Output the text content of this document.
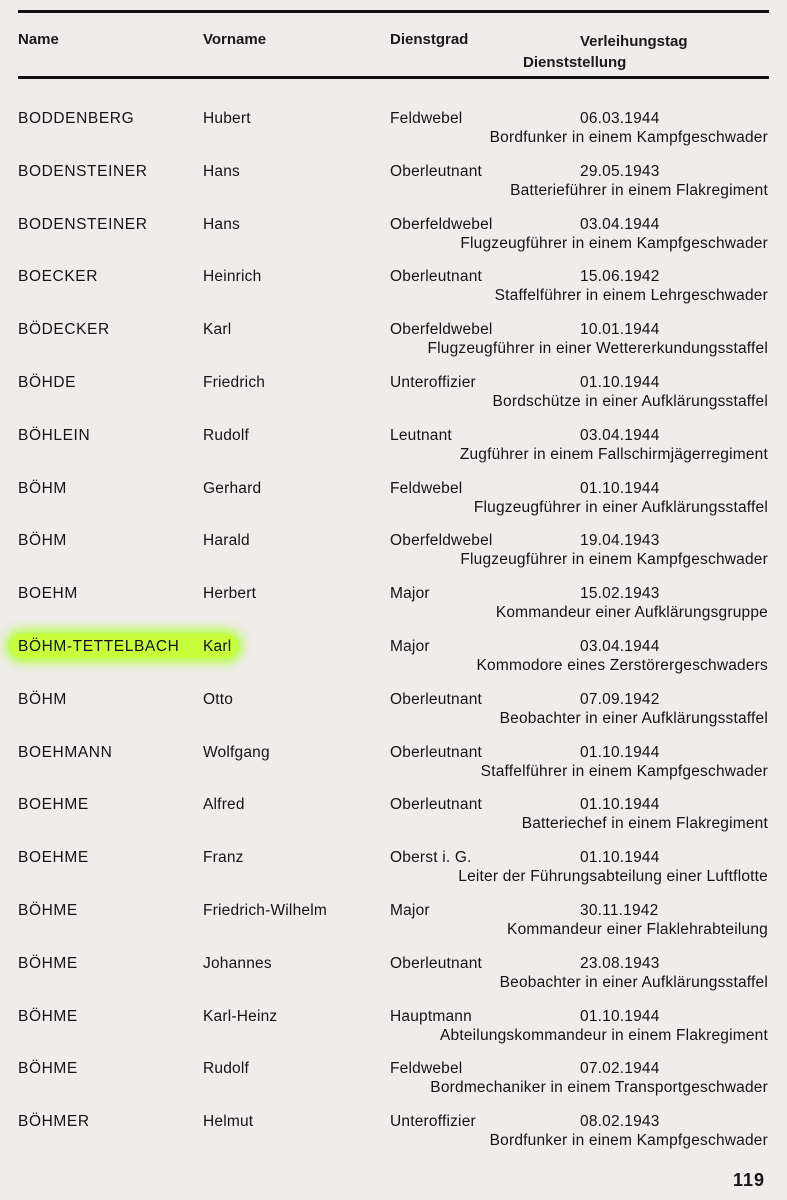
Name	Vorname	Dienstgrad	Verleihungstag
Dienststellung
BODDENBERG	Hubert	Feldwebel	06.03.1944
Bordfunker in einem Kampfgeschwader
BODENSTEINER	Hans	Oberleutnant	29.05.1943
Batterieführer in einem Flakregiment
BODENSTEINER	Hans	Oberfeldwebel	03.04.1944
Flugzeugführer in einem Kampfgeschwader
BOECKER	Heinrich	Oberleutnant	15.06.1942
Staffelführer in einem Lehrgeschwader
BÖDECKER	Karl	Oberfeldwebel	10.01.1944
Flugzeugführer in einer Wettererkundungsstaffel
BÖHDE	Friedrich	Unteroffizier	01.10.1944
Bordschütze in einer Aufklärungsstaffel
BÖHLEIN	Rudolf	Leutnant	03.04.1944
Zugführer in einem Fallschirmjägerregiment
BÖHM	Gerhard	Feldwebel	01.10.1944
Flugzeugführer in einer Aufklärungsstaffel
BÖHM	Harald	Oberfeldwebel	19.04.1943
Flugzeugführer in einem Kampfgeschwader
BOEHM	Herbert	Major	15.02.1943
Kommandeur einer Aufklärungsgruppe
BÖHM-TETTELBACH Karl	Major	03.04.1944
Kommodore eines Zerstörergeschwaders
BÖHM	Otto	Oberleutnant	07.09.1942
Beobachter in einer Aufklärungsstaffel
BOEHMANN	Wolfgang	Oberleutnant	01.10.1944
Staffelführer in einem Kampfgeschwader
BOEHME	Alfred	Oberleutnant	01.10.1944
Batteriechef in einem Flakregiment
BOEHME	Franz	Oberst i. G.	01.10.1944
Leiter der Führungsabteilung einer Luftflotte
BÖHME	Friedrich-Wilhelm	Major	30.11.1942
Kommandeur einer Flaklehrabteilung
BÖHME	Johannes	Oberleutnant	23.08.1943
Beobachter in einer Aufklärungsstaffel
BÖHME	Karl-Heinz	Hauptmann	01.10.1944
Abteilungskommandeur in einem Flakregiment
BÖHME	Rudolf	Feldwebel	07.02.1944
Bordmechaniker in einem Transportgeschwader
BÖHMER	Helmut	Unteroffizier	08.02.1943
Bordfunker in einem Kampfgeschwader
119
